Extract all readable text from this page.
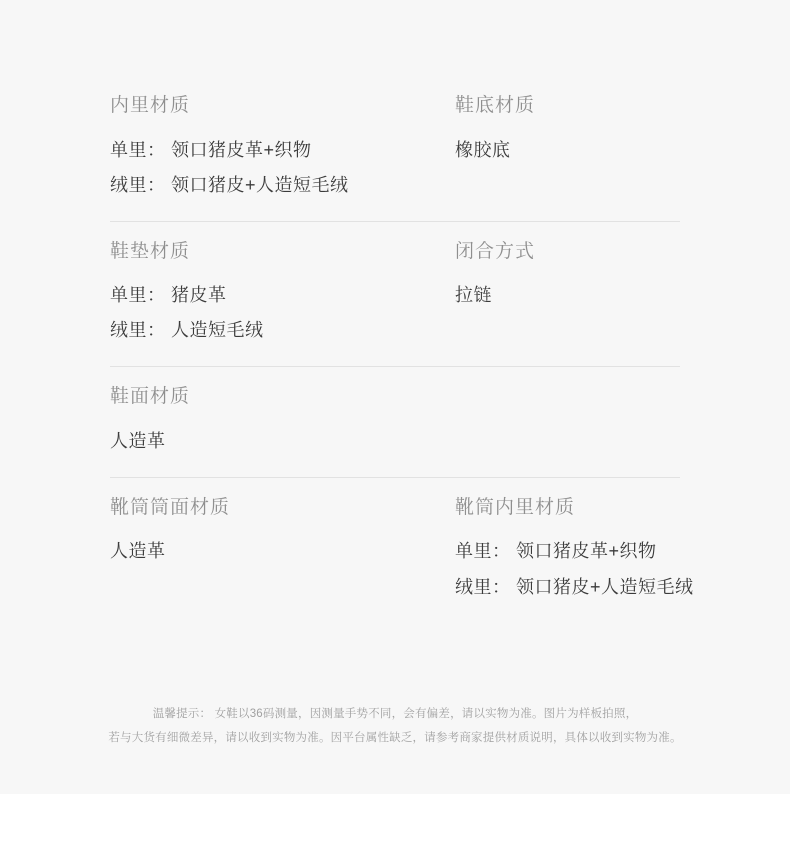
内里材质
单里： 领口猪皮革+织物
绒里： 领口猪皮+人造短毛绒
鞋底材质
橡胶底
鞋垫材质
单里： 猪皮革
绒里： 人造短毛绒
闭合方式
拉链
鞋面材质
人造革
靴筒筒面材质
人造革
靴筒内里材质
单里： 领口猪皮革+织物
绒里： 领口猪皮+人造短毛绒
温馨提示： 女鞋以36码测量，因测量手势不同，会有偏差，请以实物为准。图片为样板拍照，
若与大货有细微差异，请以收到实物为准。因平台属性缺乏，请参考商家提供材质说明，具体以收到实物为准。
